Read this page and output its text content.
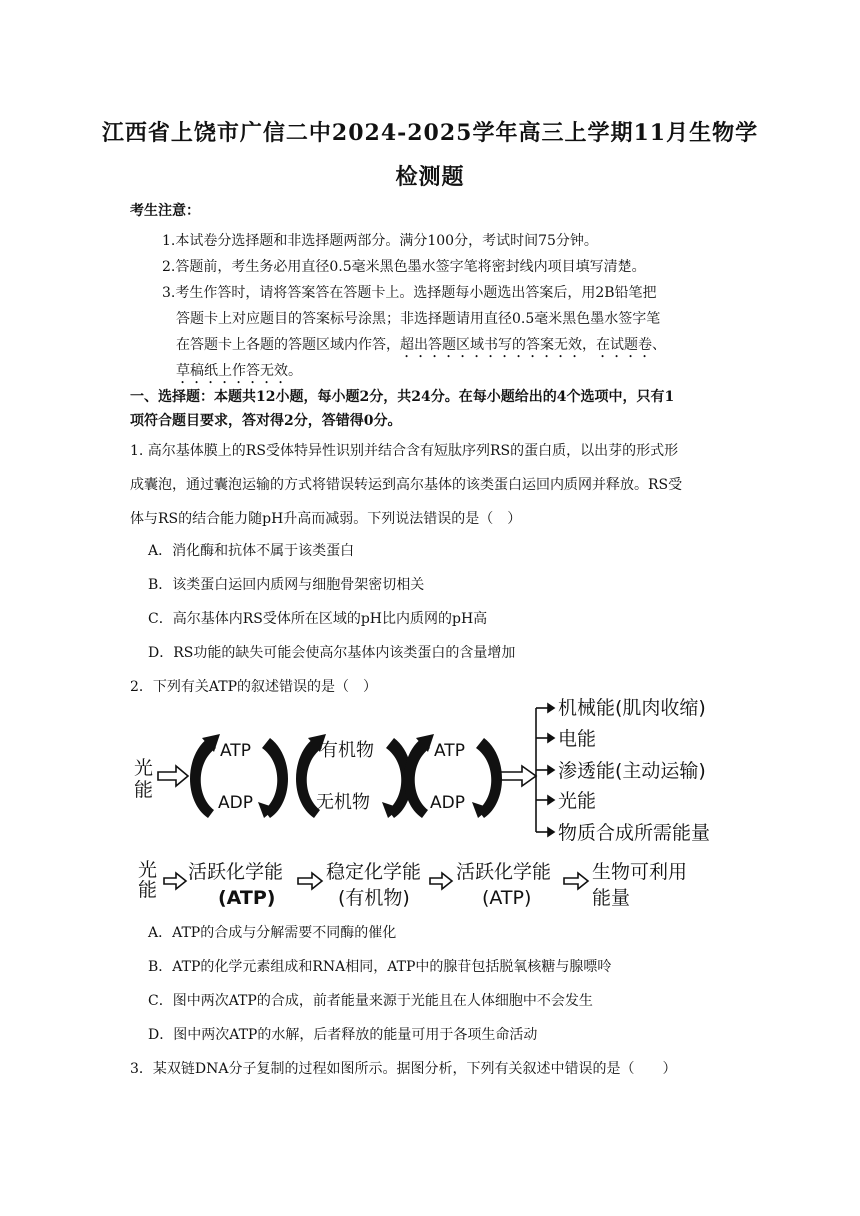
江西省上饶市广信二中2024-2025学年高三上学期11月生物学
检测题
考生注意：
1.本试卷分选择题和非选择题两部分。满分100分，考试时间75分钟。
2.答题前，考生务必用直径0.5毫米黑色墨水签字笔将密封线内项目填写清楚。
3.考生作答时，请将答案答在答题卡上。选择题每小题选出答案后，用2B铅笔把
答题卡上对应题目的答案标号涂黑；非选择题请用直径0.5毫米黑色墨水签字笔
在答题卡上各题的答题区域内作答，超出答题区域书写的答案无效，在试题卷、
草稿纸上作答无效。
一、选择题：本题共12小题，每小题2分，共24分。在每小题给出的4个选项中，只有1
项符合题目要求，答对得2分，答错得0分。
1. 高尔基体膜上的RS受体特异性识别并结合含有短肽序列RS的蛋白质，以出芽的形式形
成囊泡，通过囊泡运输的方式将错误转运到高尔基体的该类蛋白运回内质网并释放。RS受
体与RS的结合能力随pH升高而减弱。下列说法错误的是（　）
A．消化酶和抗体不属于该类蛋白
B．该类蛋白运回内质网与细胞骨架密切相关
C．高尔基体内RS受体所在区域的pH比内质网的pH高
D．RS功能的缺失可能会使高尔基体内该类蛋白的含量增加
2．下列有关ATP的叙述错误的是（　）
光
能
ATP
ADP
有机物
无机物
ATP
ADP
机械能(肌肉收缩)
电能
渗透能(主动运输)
光能
物质合成所需能量
光
能
活跃化学能
(ATP)
稳定化学能
(有机物)
活跃化学能
(ATP)
生物可利用
能量
A．ATP的合成与分解需要不同酶的催化
B．ATP的化学元素组成和RNA相同，ATP中的腺苷包括脱氧核糖与腺嘌呤
C．图中两次ATP的合成，前者能量来源于光能且在人体细胞中不会发生
D．图中两次ATP的水解，后者释放的能量可用于各项生命活动
3．某双链DNA分子复制的过程如图所示。据图分析，下列有关叙述中错误的是（　　）
